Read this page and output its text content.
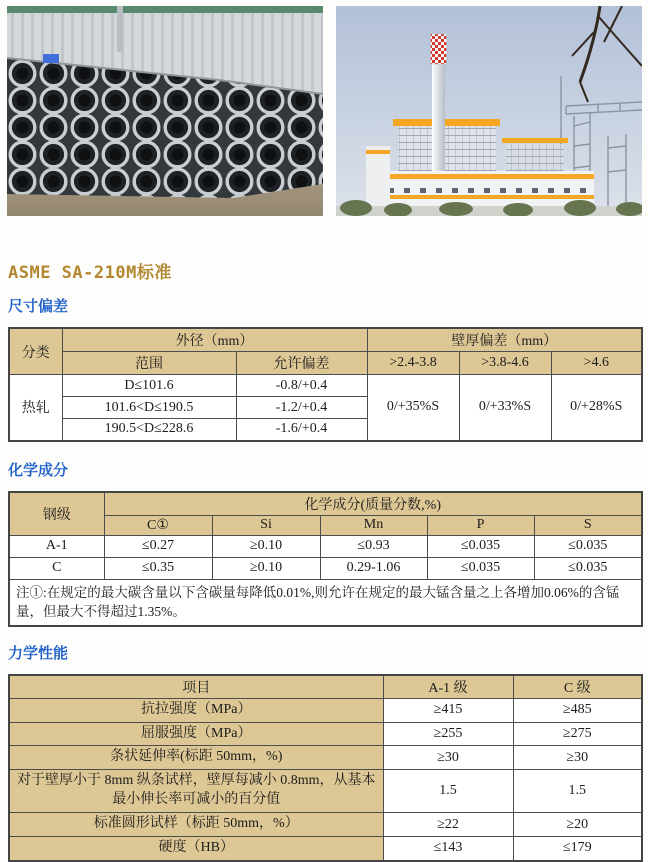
ASME SA-210M标准
尺寸偏差
分类	外径（mm）		壁厚偏差（mm）		
	范围	允许偏差	>2.4-3.8	>3.8-4.6	>4.6
热轧	D≤101.6	-0.8/+0.4	0/+35%S	0/+33%S	0/+28%S
	101.6<D≤190.5	-1.2/+0.4			
	190.5<D≤228.6	-1.6/+0.4			
化学成分
钢级	化学成分(质量分数,%)				
	C①	Si	Mn	P	S
A-1	≤0.27	≥0.10	≤0.93	≤0.035	≤0.035
C	≤0.35	≥0.10	0.29-1.06	≤0.035	≤0.035
注①:在规定的最大碳含量以下含碳量每降低0.01%,则允许在规定的最大锰含量之上各增加0.06%的含锰量，但最大不得超过1.35%。					
力学性能
项目	A-1 级	C 级
抗拉强度（MPa）	≥415	≥485
屈服强度（MPa）	≥255	≥275
条状延伸率(标距 50mm，%)	≥30	≥30
对于壁厚小于 8mm 纵条试样，壁厚每减小 0.8mm，从基本最小伸长率可减小的百分值	1.5	1.5
标准圆形试样（标距 50mm，%）	≥22	≥20
硬度（HB）	≤143	≤179
